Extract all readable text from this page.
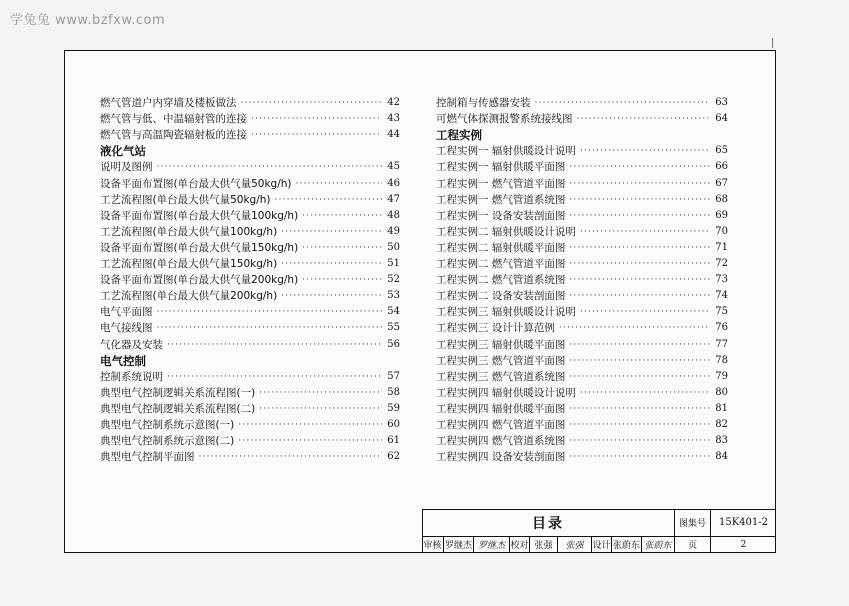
学兔兔 www.bzfxw.com
燃气管道户内穿墙及楼板做法 ·····	42
燃气管与低、中温辐射管的连接 ·····	43
燃气管与高温陶瓷辐射板的连接 ·····	44
液化气站
说明及图例 ·····	45
设备平面布置图(单台最大供气量50kg/h) ·····	46
工艺流程图(单台最大供气量50kg/h) ·····	47
设备平面布置图(单台最大供气量100kg/h) ·····	48
工艺流程图(单台最大供气量100kg/h) ·····	49
设备平面布置图(单台最大供气量150kg/h) ·····	50
工艺流程图(单台最大供气量150kg/h) ·····	51
设备平面布置图(单台最大供气量200kg/h) ·····	52
工艺流程图(单台最大供气量200kg/h) ·····	53
电气平面图 ·····	54
电气接线图 ·····	55
气化器及安装 ·····	56
电气控制
控制系统说明 ·····	57
典型电气控制逻辑关系流程图(一) ·····	58
典型电气控制逻辑关系流程图(二) ·····	59
典型电气控制系统示意图(一) ·····	60
典型电气控制系统示意图(二) ·····	61
典型电气控制平面图 ·····	62
控制箱与传感器安装 ·····	63
可燃气体探测报警系统接线图 ·····	64
工程实例
工程实例一 辐射供暖设计说明 ·····	65
工程实例一 辐射供暖平面图 ·····	66
工程实例一 燃气管道平面图 ·····	67
工程实例一 燃气管道系统图 ·····	68
工程实例一 设备安装剖面图 ·····	69
工程实例二 辐射供暖设计说明 ·····	70
工程实例二 辐射供暖平面图 ·····	71
工程实例二 燃气管道平面图 ·····	72
工程实例二 燃气管道系统图 ·····	73
工程实例二 设备安装剖面图 ·····	74
工程实例三 辐射供暖设计说明 ·····	75
工程实例三 设计计算范例 ·····	76
工程实例三 辐射供暖平面图 ·····	77
工程实例三 燃气管道平面图 ·····	78
工程实例三 燃气管道系统图 ·····	79
工程实例四 辐射供暖设计说明 ·····	80
工程实例四 辐射供暖平面图 ·····	81
工程实例四 燃气管道平面图 ·····	82
工程实例四 燃气管道系统图 ·····	83
工程实例四 设备安装剖面图 ·····	84
目录	图集号	15K401-2
审核 罗继杰 罗继杰 校对 张强	张强 设计 张蔚东 张蔚东	页	2
